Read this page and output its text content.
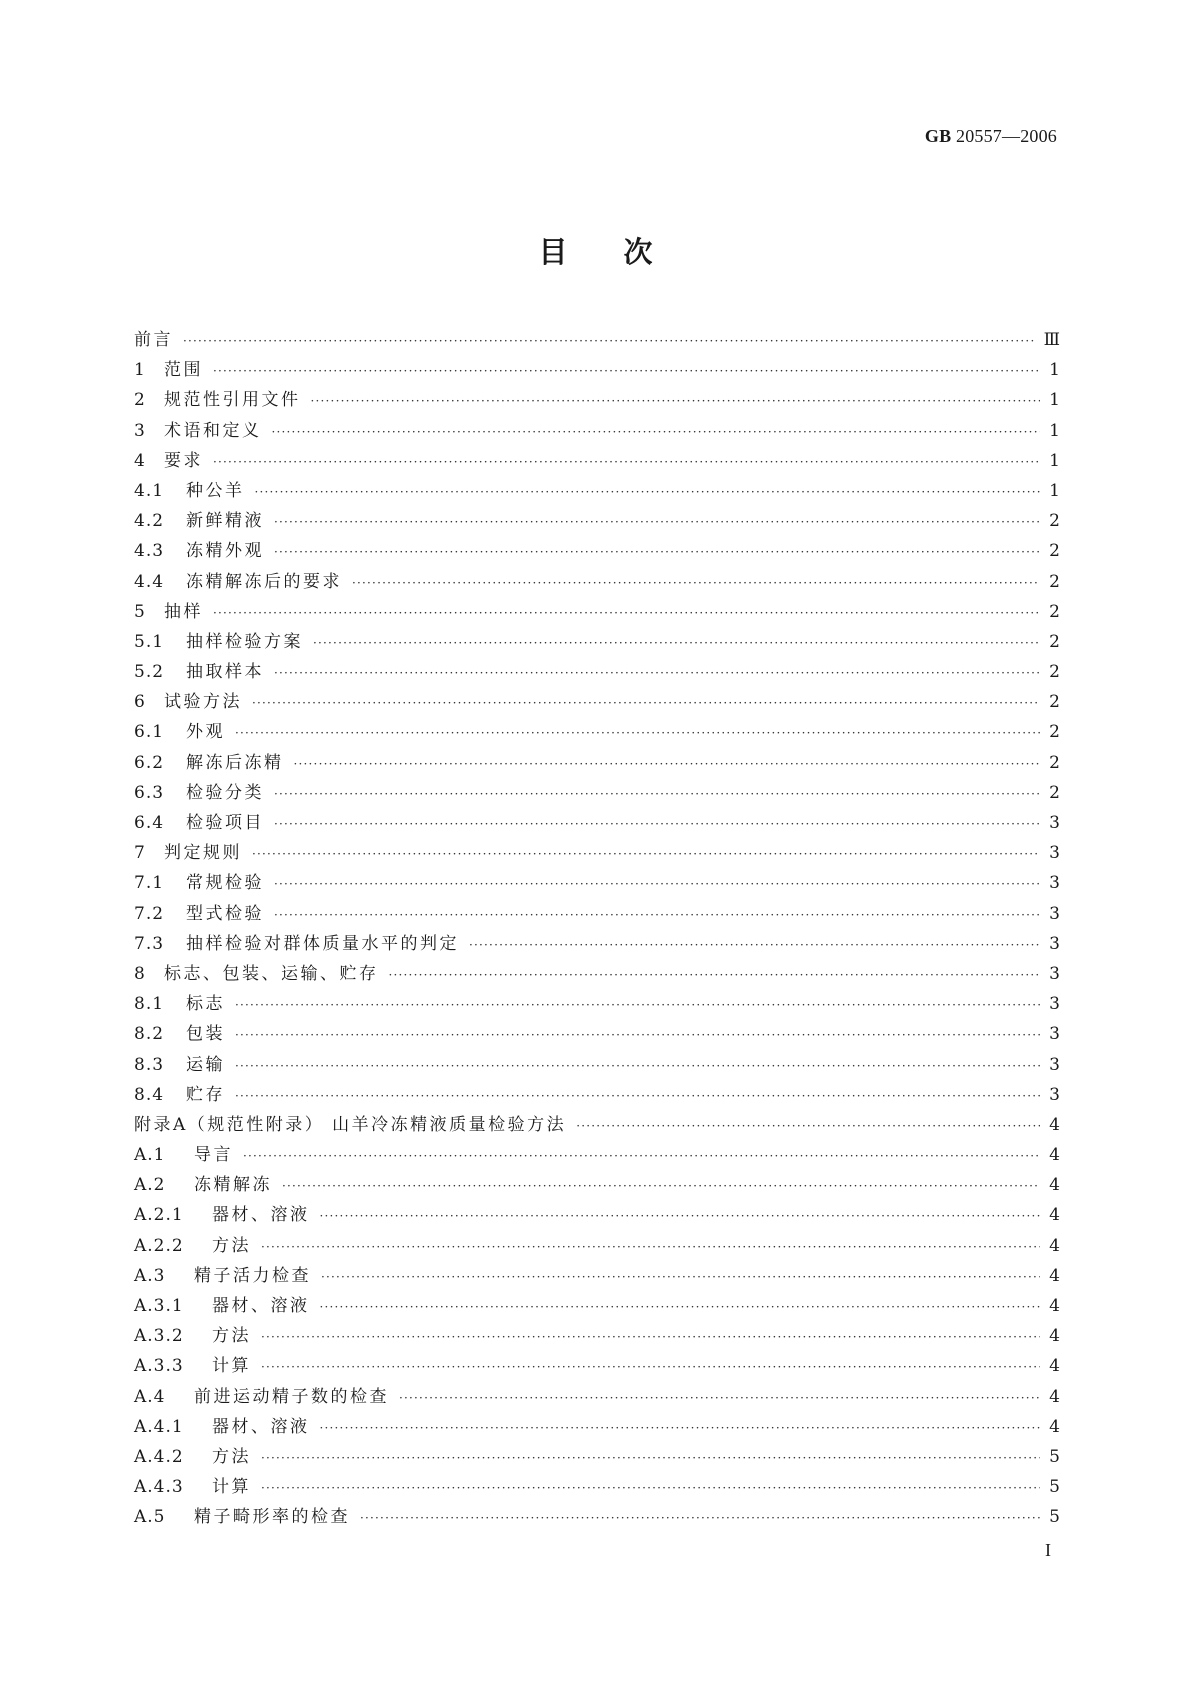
GB 20557—2006
目次
前言 ·····	Ⅲ
1 范围 ·····	1
2 规范性引用文件 ·····	1
3 术语和定义 ·····	1
4 要求 ·····	1
4.1 种公羊 ·····	1
4.2 新鲜精液 ·····	2
4.3 冻精外观 ·····	2
4.4 冻精解冻后的要求 ·····	2
5 抽样 ·····	2
5.1 抽样检验方案 ·····	2
5.2 抽取样本 ·····	2
6 试验方法 ·····	2
6.1 外观 ·····	2
6.2 解冻后冻精 ·····	2
6.3 检验分类 ·····	2
6.4 检验项目 ·····	3
7 判定规则 ·····	3
7.1 常规检验 ·····	3
7.2 型式检验 ·····	3
7.3 抽样检验对群体质量水平的判定 ·····	3
8 标志、包装、运输、贮存 ·····	3
8.1 标志 ·····	3
8.2 包装 ·····	3
8.3 运输 ·····	3
8.4 贮存 ·····	3
附录A（规范性附录） 山羊冷冻精液质量检验方法 ·····	4
A.1 导言 ·····	4
A.2 冻精解冻 ·····	4
A.2.1 器材、溶液 ·····	4
A.2.2 方法 ·····	4
A.3 精子活力检查 ·····	4
A.3.1 器材、溶液 ·····	4
A.3.2 方法 ·····	4
A.3.3 计算 ·····	4
A.4 前进运动精子数的检查 ·····	4
A.4.1 器材、溶液 ·····	4
A.4.2 方法 ·····	5
A.4.3 计算 ·····	5
A.5 精子畸形率的检查 ·····	5
I
